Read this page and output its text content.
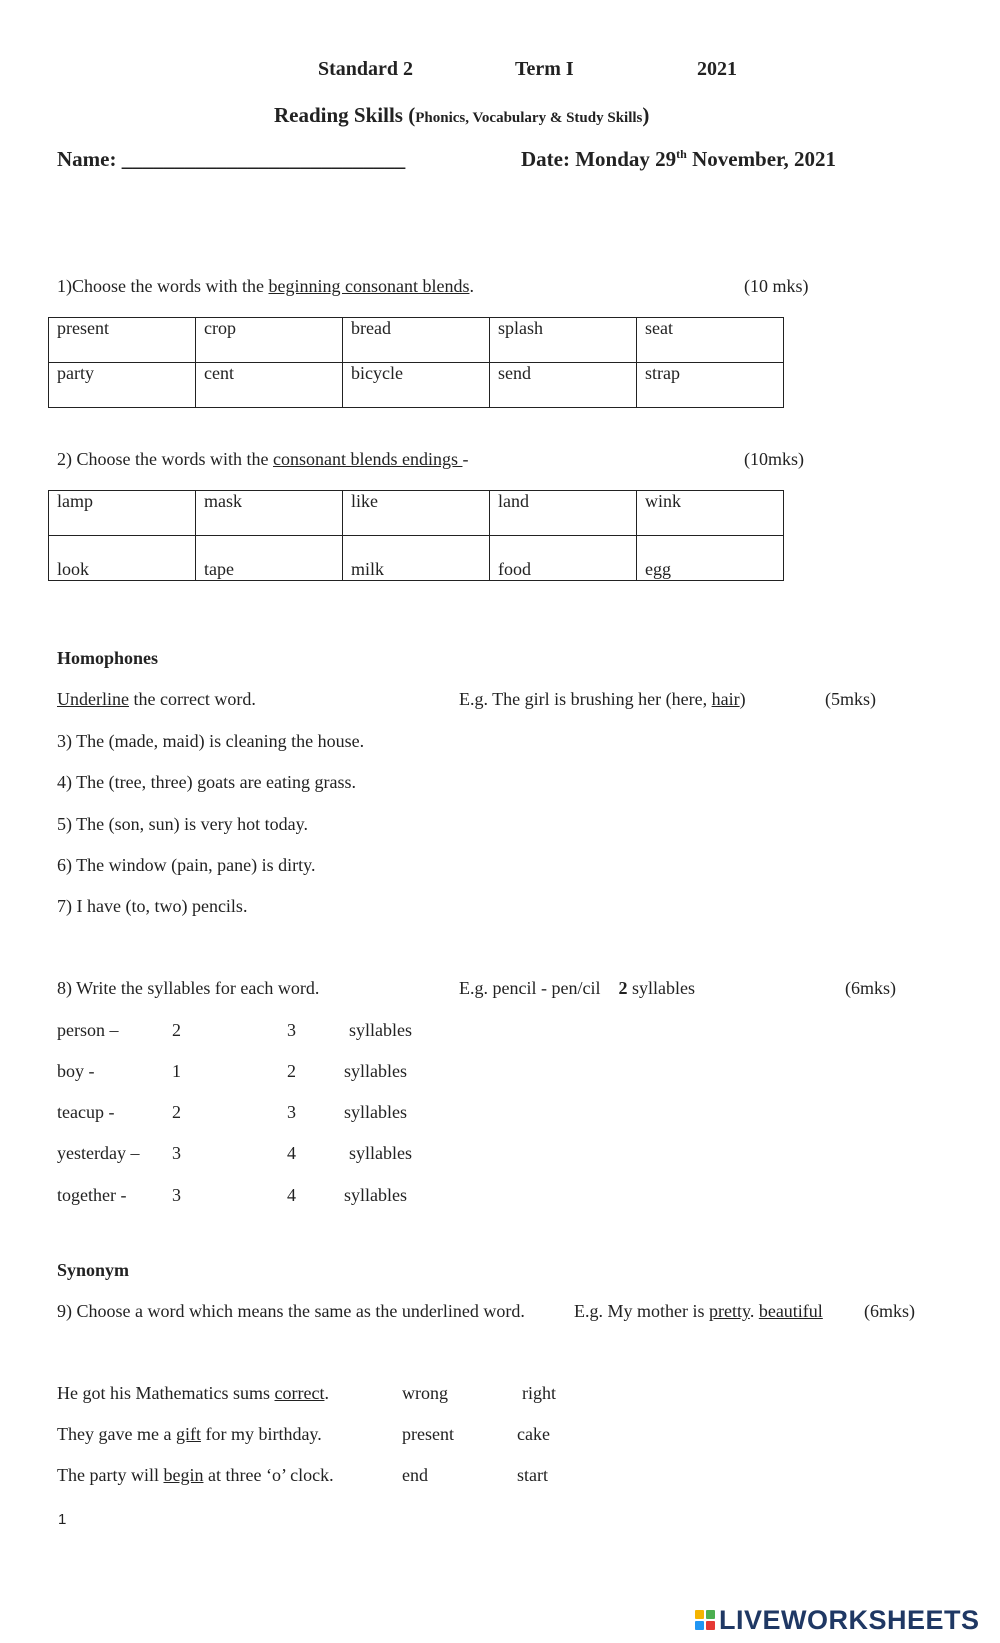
Standard 2	Term I	2021
Reading Skills (Phonics, Vocabulary & Study Skills)
Name: ___________________________	Date: Monday 29th November, 2021
1)Choose the words with the beginning consonant blends.	(10 mks)
present	crop	bread	splash	seat
party	cent	bicycle	send	strap
2) Choose the words with the consonant blends endings -	(10mks)
lamp	mask	like	land	wink
look	tape	milk	food	egg
Homophones
Underline the correct word.	E.g. The girl is brushing her (here, hair)	(5mks)
3) The (made, maid) is cleaning the house.
4) The (tree, three) goats are eating grass.
5) The (son, sun) is very hot today.
6) The window (pain, pane) is dirty.
7) I have (to, two) pencils.
8) Write the syllables for each word.	E.g. pencil - pen/cil 2 syllables	(6mks)
person –	2	3	syllables
boy -	1	2	syllables
teacup -	2	3	syllables
yesterday – 3	4	syllables
together -	3	4	syllables
Synonym
9) Choose a word which means the same as the underlined word.	E.g. My mother is pretty. beautiful (6mks)
He got his Mathematics sums correct.	wrong	right
They gave me a gift for my birthday.	present	cake
The party will begin at three ‘o’ clock.	end	start
1
LIVEWORKSHEETS
